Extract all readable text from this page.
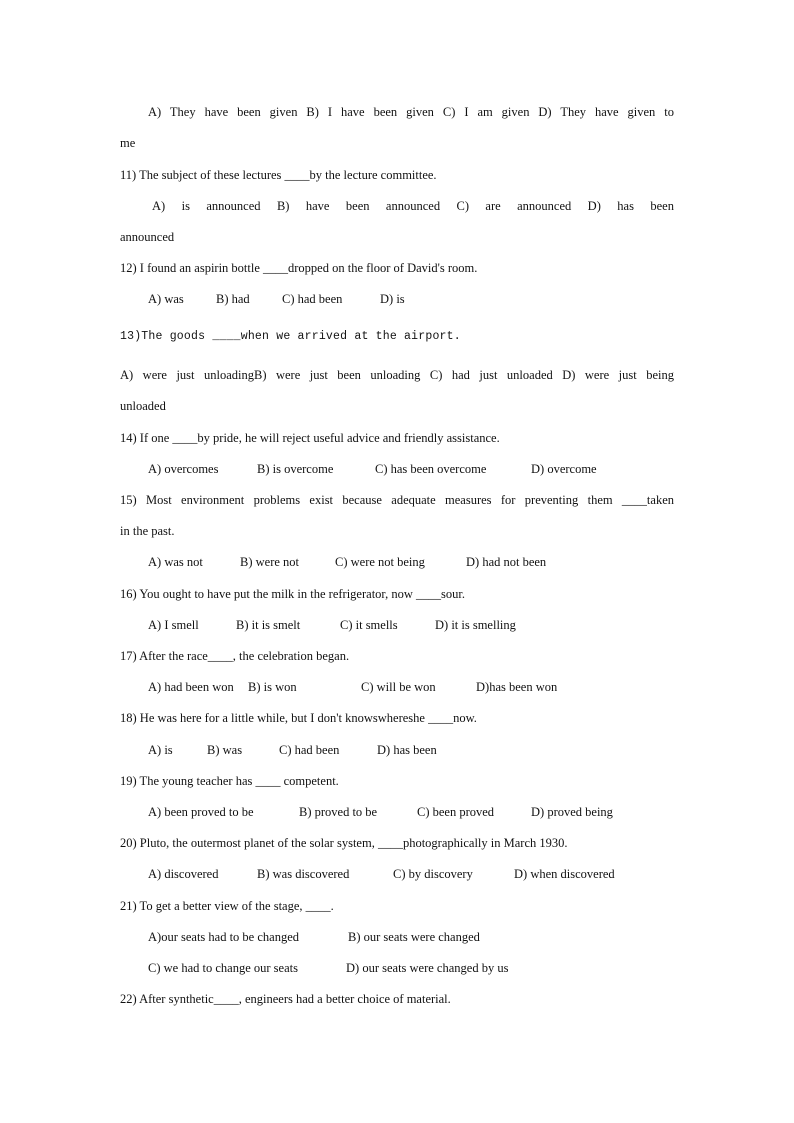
A) They have been given B) I have been given C) I am given D) They have given to
me
11) The subject of these lectures ____by the lecture committee.
A) is announced B) have been announced C) are announced D) has been
announced
12) I found an aspirin bottle ____dropped on the floor of David's room.
A) was	B) had	C) had been	D) is
13)The goods ____when we arrived at the airport.
A) were just unloadingB) were just been unloading C) had just unloaded D) were just being
unloaded
14) If one ____by pride, he will reject useful advice and friendly assistance.
A) overcomes	B) is overcome	C) has been overcome	D) overcome
15) Most environment problems exist because adequate measures for preventing them ____taken
in the past.
A) was not	B) were not	C) were not being	D) had not been
16) You ought to have put the milk in the refrigerator, now ____sour.
A) I smell	B) it is smelt	C) it smells	D) it is smelling
17) After the race____, the celebration began.
A) had been won B) is won	C) will be won	D)has been won
18) He was here for a little while, but I don't knowswhereshe ____now.
A) is	B) was	C) had been	D) has been
19) The young teacher has ____ competent.
A) been proved to be	B) proved to be	C) been proved	D) proved being
20) Pluto, the outermost planet of the solar system, ____photographically in March 1930.
A) discovered	B) was discovered	C) by discovery	D) when discovered
21) To get a better view of the stage, ____.
A)our seats had to be changed	B) our seats were changed
C) we had to change our seats	D) our seats were changed by us
22) After synthetic____, engineers had a better choice of material.
